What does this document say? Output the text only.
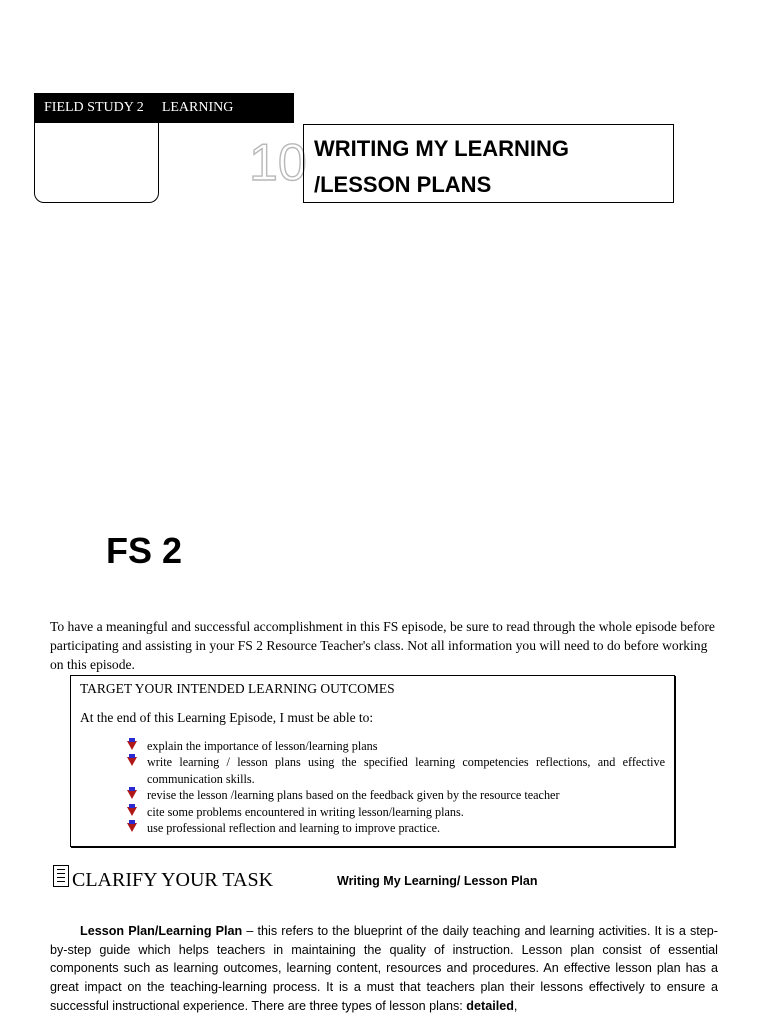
FIELD STUDY 2 LEARNING
10 WRITING MY LEARNING
/LESSON PLANS
FS 2
To have a meaningful and successful accomplishment in this FS episode, be sure to read through the whole episode before participating and assisting in your FS 2 Resource Teacher's class. Not all information you will need to do before working on this episode.
TARGET YOUR INTENDED LEARNING OUTCOMES
At the end of this Learning Episode, I must be able to:
explain the importance of lesson/learning plans
write learning / lesson plans using the specified learning competencies reflections, and effective communication skills.
revise the lesson /learning plans based on the feedback given by the resource teacher
cite some problems encountered in writing lesson/learning plans.
use professional reflection and learning to improve practice.
CLARIFY YOUR TASK	Writing My Learning/ Lesson Plan
Lesson Plan/Learning Plan – this refers to the blueprint of the daily teaching and learning activities. It is a step-by-step guide which helps teachers in maintaining the quality of instruction. Lesson plan consist of essential components such as learning outcomes, learning content, resources and procedures. An effective lesson plan has a great impact on the teaching-learning process. It is a must that teachers plan their lessons effectively to ensure a successful instructional experience. There are three types of lesson plans: detailed,
